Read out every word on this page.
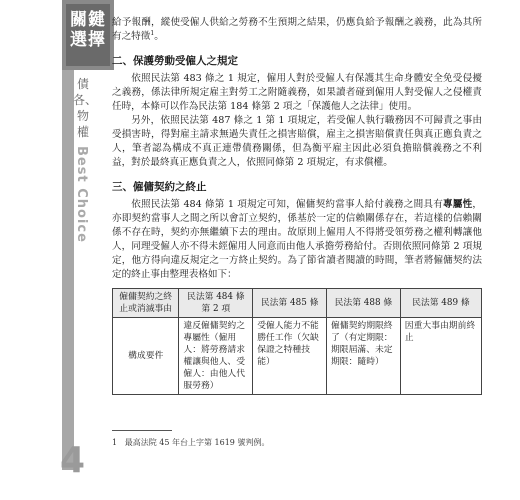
關鍵
選擇
債各、物權
Best Choice
4

給予報酬，縱使受僱人供給之勞務不生預期之結果，仍應負給予報酬之義務，此為其所有之特徵$^1$。

二、保護勞動受僱人之規定

依照民法第 483 條之 1 規定，僱用人對於受僱人有保護其生命身體安全免受侵擾之義務，係法律所規定雇主對勞工之附隨義務，如果讀者碰到僱用人對受僱人之侵權責任時，本條可以作為民法第 184 條第 2 項之「保護他人之法律」使用。

另外，依照民法第 487 條之 1 第 1 項規定，若受僱人執行職務因不可歸責之事由受損害時，得對雇主請求無過失責任之損害賠償，雇主之損害賠償責任與真正應負責之人，筆者認為構成不真正連帶債務關係，但為衡平雇主因此必須負擔賠償義務之不利益，對於最終真正應負責之人，依照同條第 2 項規定，有求償權。

三、僱傭契約之終止

依照民法第 484 條第 1 項規定可知，僱傭契約當事人給付義務之間具有專屬性，亦即契約當事人之間之所以會訂立契約，係基於一定的信賴關係存在，若這樣的信賴關係不存在時，契約亦無繼續下去的理由。故原則上僱用人不得將受領勞務之權利轉讓他人，同理受僱人亦不得未經僱用人同意而由他人承擔勞務給付。否則依照同條第 2 項規定，他方得向違反規定之一方終止契約。為了節省讀者閱讀的時間，筆者將僱傭契約法定的終止事由整理表格如下：

僱傭契約之終止或消滅事由	民法第 484 條第 2 項	民法第 485 條	民法第 488 條	民法第 489 條
構成要件	違反僱傭契約之專屬性（僱用人：將勞務請求權讓與他人、受僱人：由他人代服勞務）	受僱人能力不能勝任工作（欠缺保證之特種技能）	僱傭契約期限終了（有定期限：期限屆滿、未定期限：隨時）	因重大事由期前終止
1 最高法院 45 年台上字第 1619 號判例。
